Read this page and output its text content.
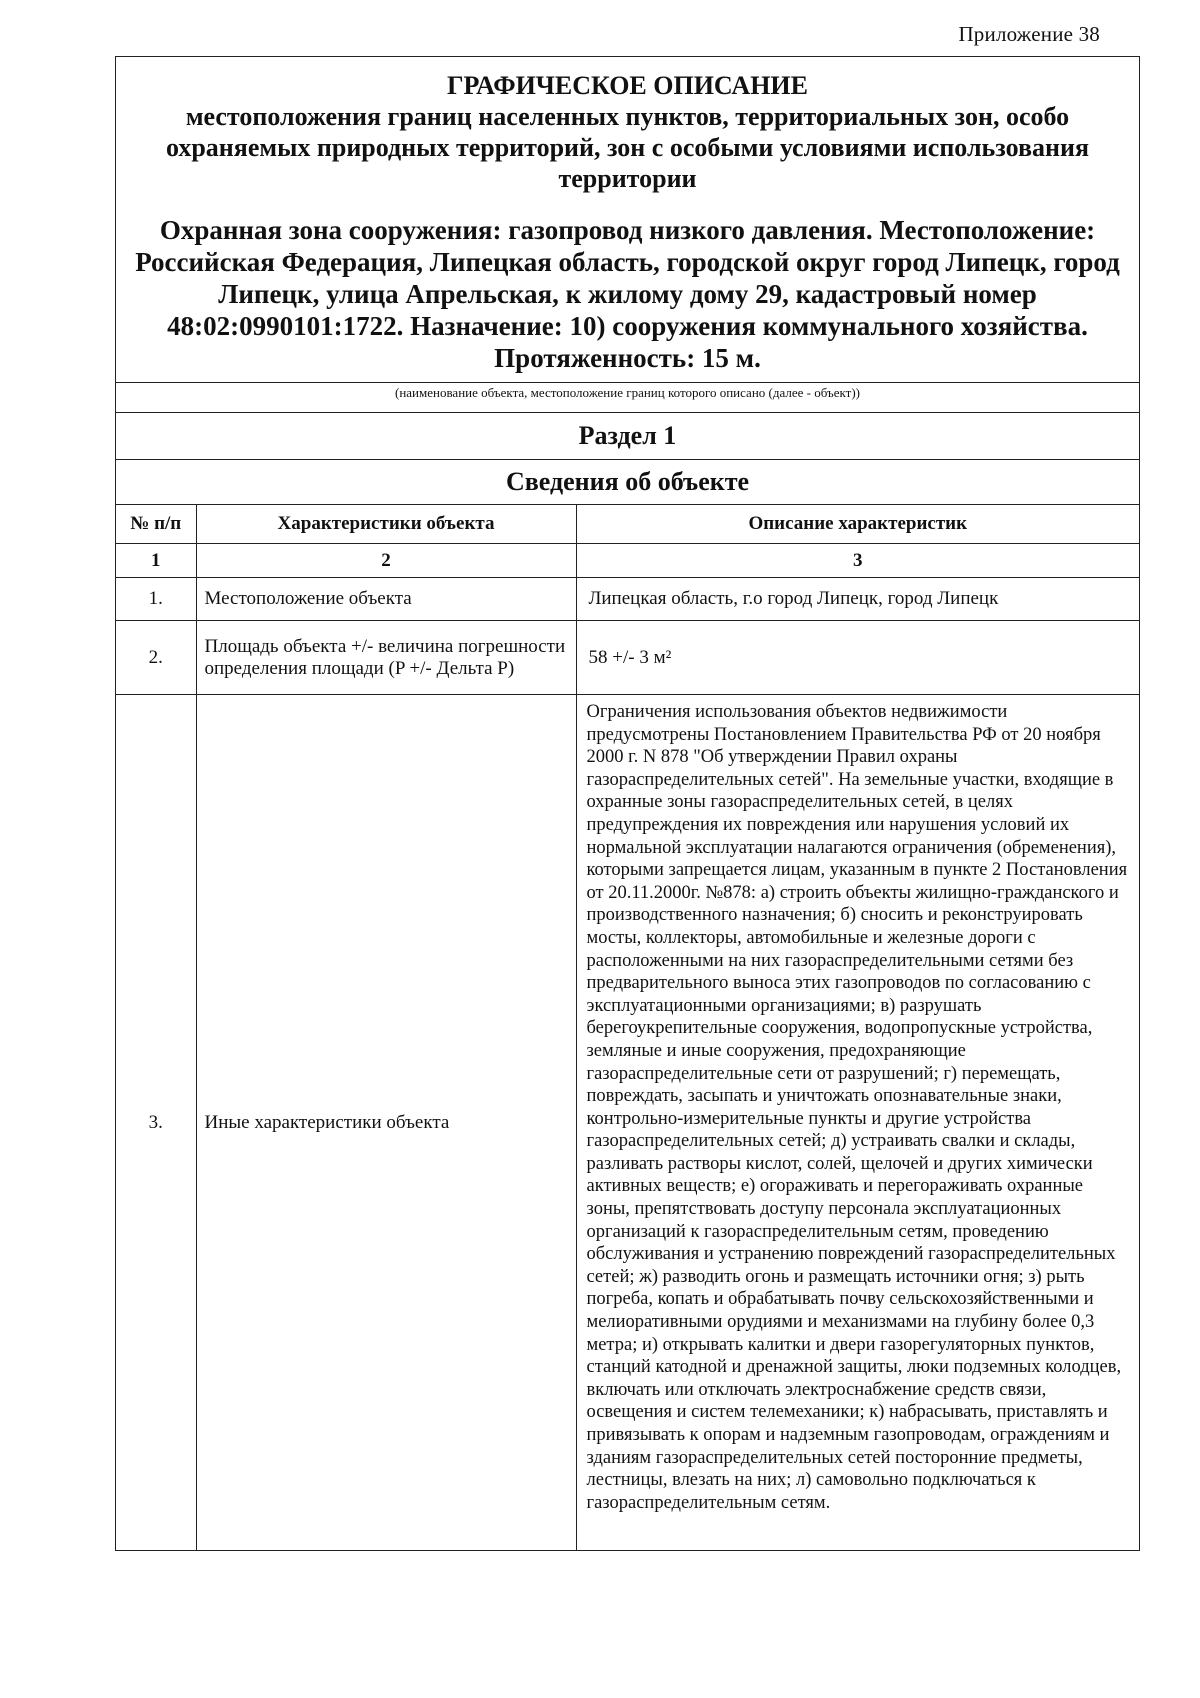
Приложение 38

ГРАФИЧЕСКОЕ ОПИСАНИЕ

местоположения границ населенных пунктов, территориальных зон, особо охраняемых природных территорий, зон с особыми условиями использования территории

Охранная зона сооружения: газопровод низкого давления. Местоположение: Российская Федерация, Липецкая область, городской округ город Липецк, город Липецк, улица Апрельская, к жилому дому 29, кадастровый номер 48:02:0990101:1722. Назначение: 10) сооружения коммунального хозяйства. Протяженность: 15 м.

(наименование объекта, местоположение границ которого описано (далее - объект))
Раздел 1
Сведения об объекте
№ п/п	Характеристики объекта	Описание характеристик
1	2	3
1.	Местоположение объекта	Липецкая область, г.о город Липецк, город Липецк
2.	Площадь объекта +/- величина погрешности определения площади (P +/- Дельта P)	58 +/- 3 м²
3.	Иные характеристики объекта	Ограничения использования объектов недвижимости предусмотрены Постановлением Правительства РФ от 20 ноября 2000 г. N 878 "Об утверждении Правил охраны газораспределительных сетей". На земельные участки, входящие в охранные зоны газораспределительных сетей, в целях предупреждения их повреждения или нарушения условий их нормальной эксплуатации налагаются ограничения (обременения), которыми запрещается лицам, указанным в пункте 2 Постановления от 20.11.2000г. №878: а) строить объекты жилищно-гражданского и производственного назначения; б) сносить и реконструировать мосты, коллекторы, автомобильные и железные дороги с расположенными на них газораспределительными сетями без предварительного выноса этих газопроводов по согласованию с эксплуатационными организациями; в) разрушать берегоукрепительные сооружения, водопропускные устройства, земляные и иные сооружения, предохраняющие газораспределительные сети от разрушений; г) перемещать, повреждать, засыпать и уничтожать опознавательные знаки, контрольно-измерительные пункты и другие устройства газораспределительных сетей; д) устраивать свалки и склады, разливать растворы кислот, солей, щелочей и других химически активных веществ; е) огораживать и перегораживать охранные зоны, препятствовать доступу персонала эксплуатационных организаций к газораспределительным сетям, проведению обслуживания и устранению повреждений газораспределительных сетей; ж) разводить огонь и размещать источники огня; з) рыть погреба, копать и обрабатывать почву сельскохозяйственными и мелиоративными орудиями и механизмами на глубину более 0,3 метра; и) открывать калитки и двери газорегуляторных пунктов, станций катодной и дренажной защиты, люки подземных колодцев, включать или отключать электроснабжение средств связи, освещения и систем телемеханики; к) набрасывать, приставлять и привязывать к опорам и надземным газопроводам, ограждениям и зданиям газораспределительных сетей посторонние предметы, лестницы, влезать на них; л) самовольно подключаться к газораспределительным сетям.
